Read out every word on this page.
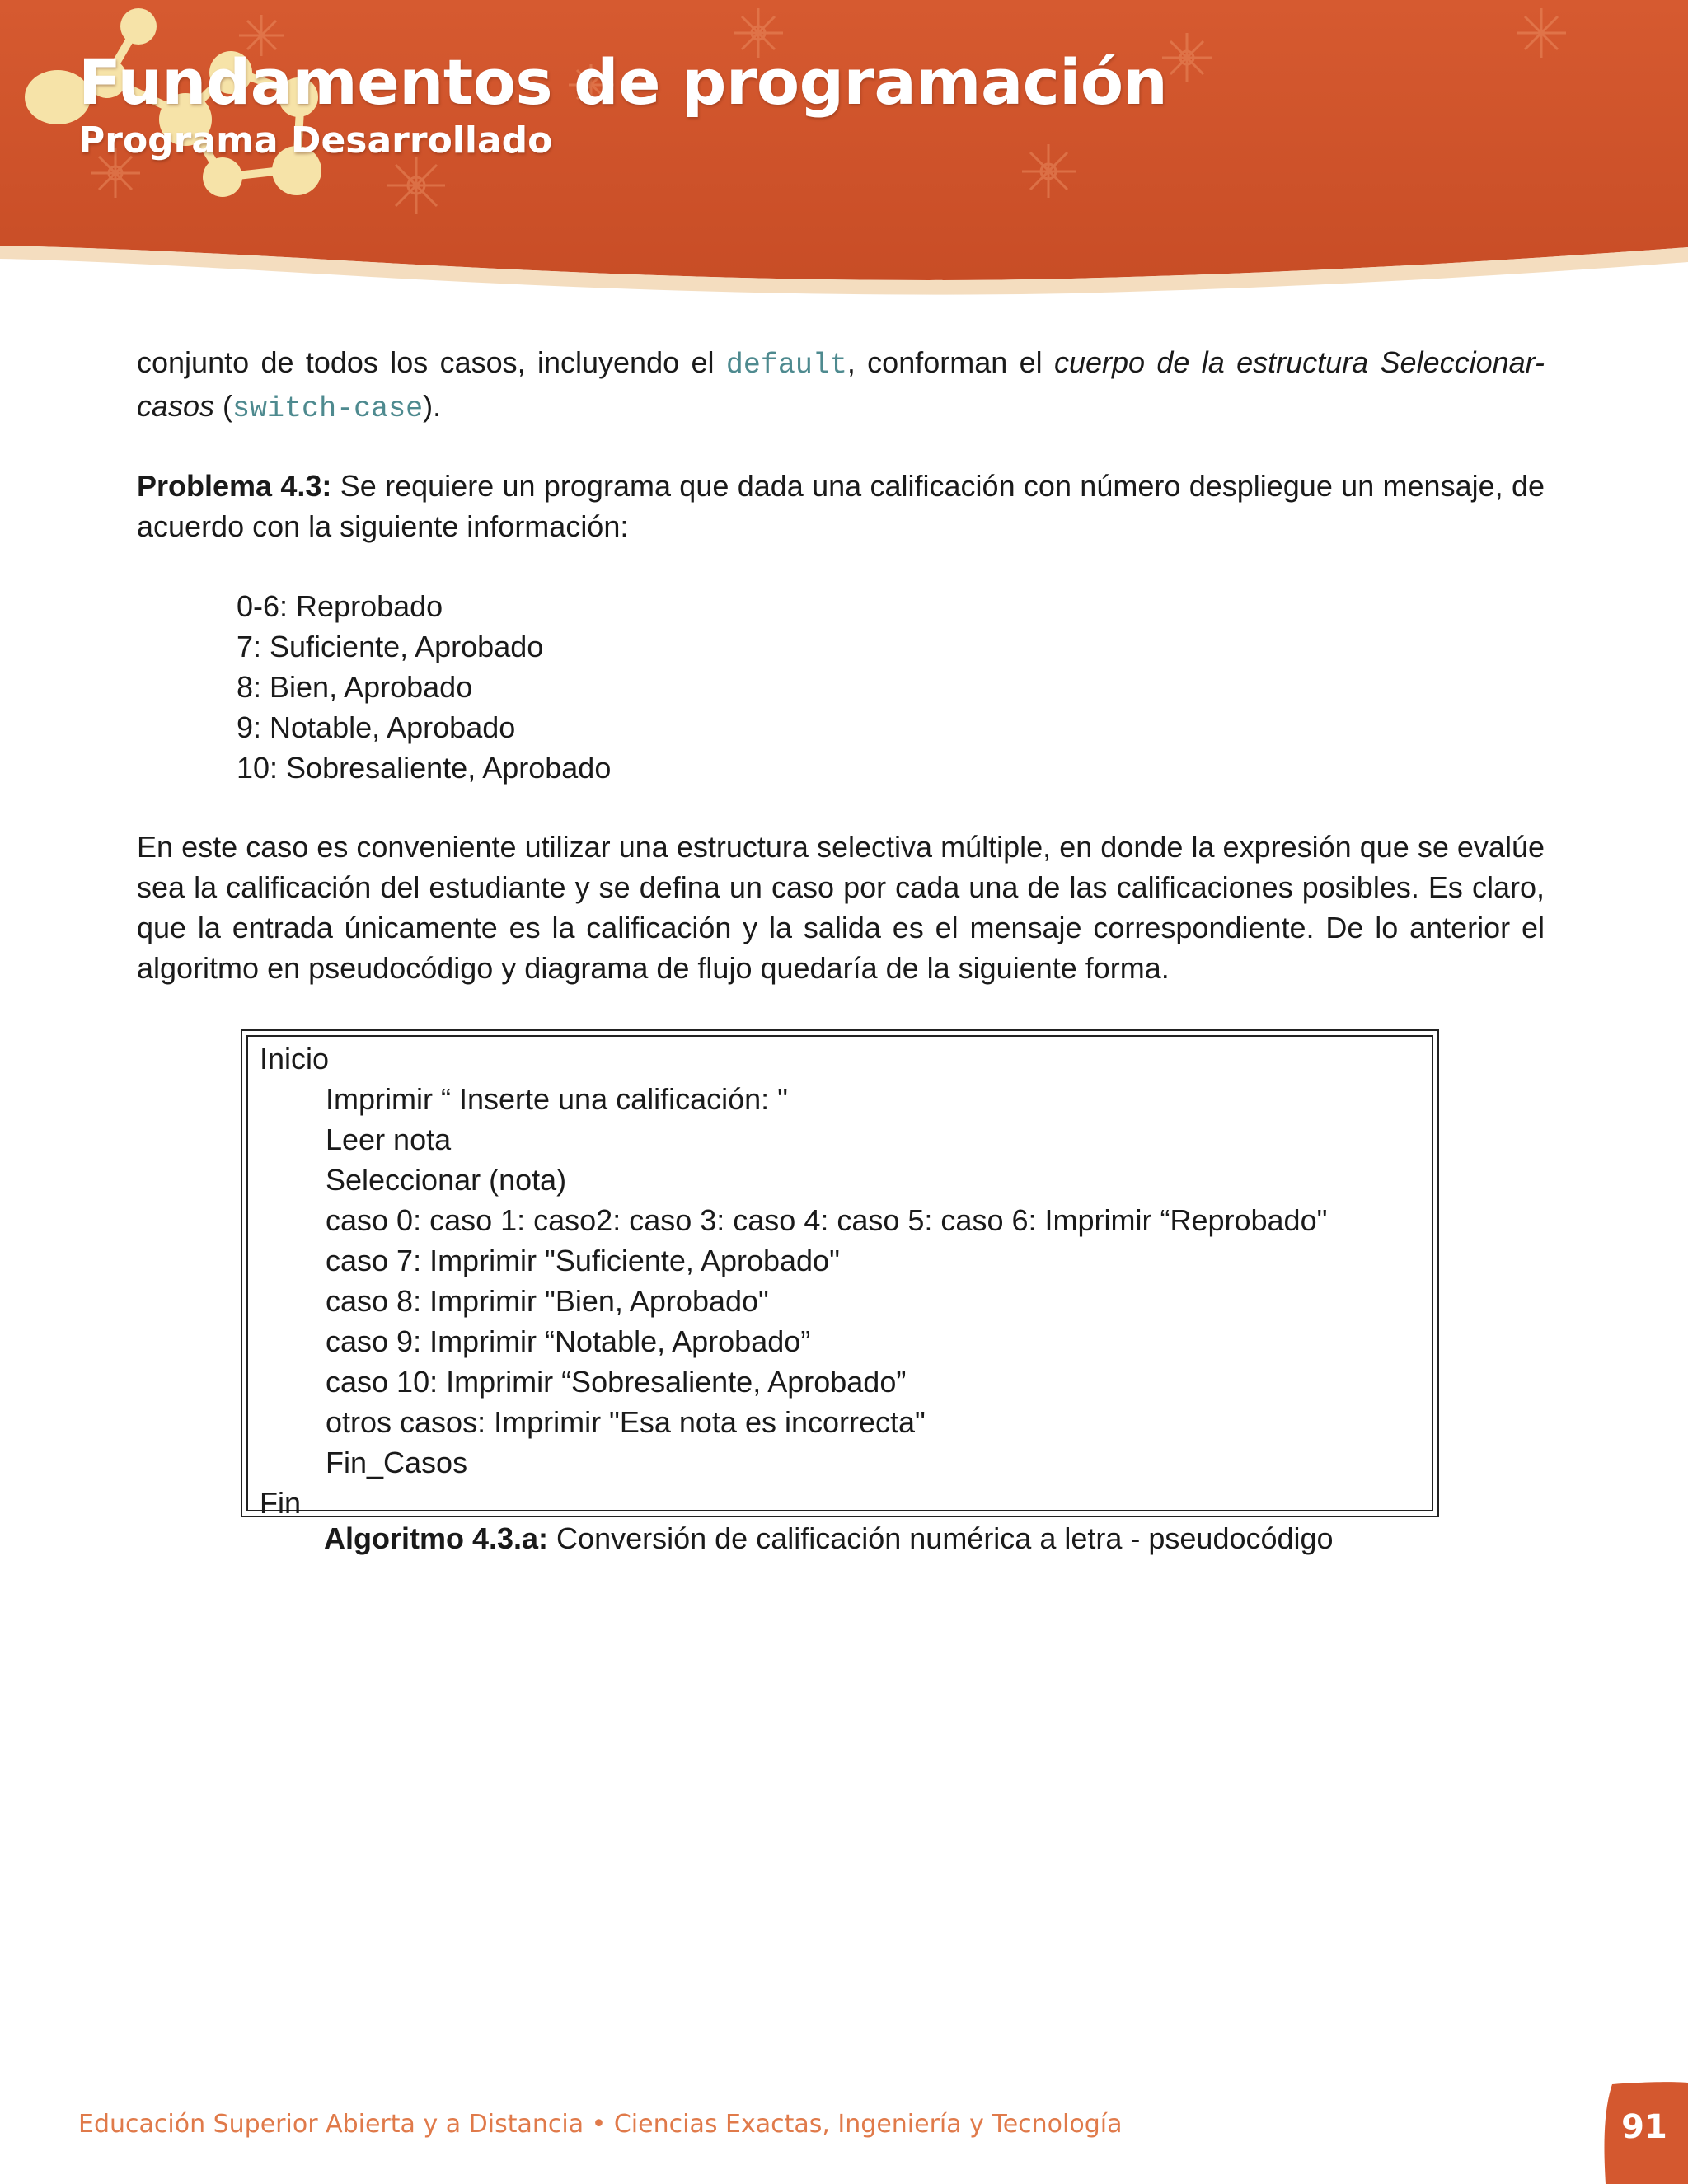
Fundamentos de programación
Programa Desarrollado

conjunto de todos los casos, incluyendo el default, conforman el cuerpo de la estructura Seleccionar-casos (switch-case).

Problema 4.3: Se requiere un programa que dada una calificación con número despliegue un mensaje, de acuerdo con la siguiente información:

0-6: Reprobado
7: Suficiente, Aprobado
8: Bien, Aprobado
9: Notable, Aprobado
10: Sobresaliente, Aprobado

En este caso es conveniente utilizar una estructura selectiva múltiple, en donde la expresión que se evalúe sea la calificación del estudiante y se defina un caso por cada una de las calificaciones posibles. Es claro, que la entrada únicamente es la calificación y la salida es el mensaje correspondiente. De lo anterior el algoritmo en pseudocódigo y diagrama de flujo quedaría de la siguiente forma.

Inicio
Imprimir “ Inserte una calificación: "
Leer nota
Seleccionar (nota)
caso 0: caso 1: caso2: caso 3: caso 4: caso 5: caso 6: Imprimir “Reprobado"
caso 7: Imprimir "Suficiente, Aprobado"
caso 8: Imprimir "Bien, Aprobado"
caso 9: Imprimir “Notable, Aprobado”
caso 10: Imprimir “Sobresaliente, Aprobado”
otros casos: Imprimir "Esa nota es incorrecta"
Fin_Casos
Fin
Algoritmo 4.3.a: Conversión de calificación numérica a letra - pseudocódigo
Educación Superior Abierta y a Distancia • Ciencias Exactas, Ingeniería y Tecnología	91
